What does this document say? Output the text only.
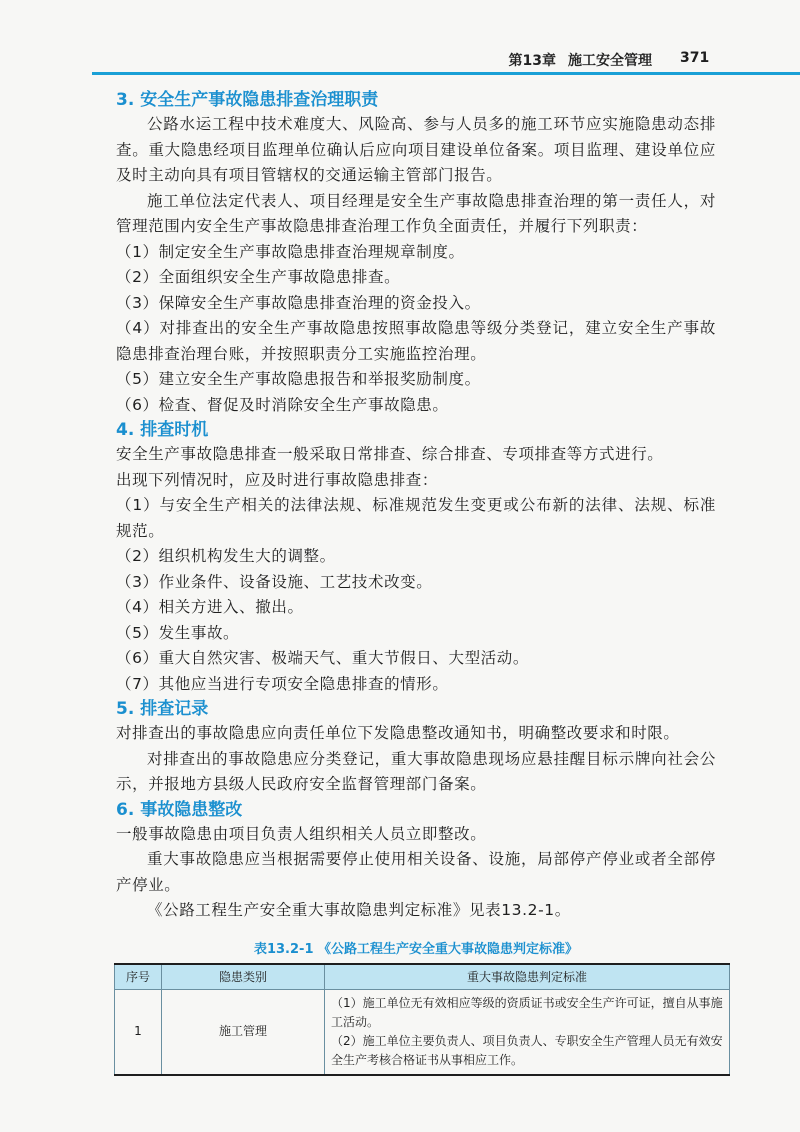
第13章 施工安全管理 371
3. 安全生产事故隐患排查治理职责

公路水运工程中技术难度大、风险高、参与人员多的施工环节应实施隐患动态排查。重大隐患经项目监理单位确认后应向项目建设单位备案。项目监理、建设单位应及时主动向具有项目管辖权的交通运输主管部门报告。

施工单位法定代表人、项目经理是安全生产事故隐患排查治理的第一责任人，对管理范围内安全生产事故隐患排查治理工作负全面责任，并履行下列职责：

（1）制定安全生产事故隐患排查治理规章制度。

（2）全面组织安全生产事故隐患排查。

（3）保障安全生产事故隐患排查治理的资金投入。

（4）对排查出的安全生产事故隐患按照事故隐患等级分类登记，建立安全生产事故隐患排查治理台账，并按照职责分工实施监控治理。

（5）建立安全生产事故隐患报告和举报奖励制度。

（6）检查、督促及时消除安全生产事故隐患。

4. 排查时机

安全生产事故隐患排查一般采取日常排查、综合排查、专项排查等方式进行。

出现下列情况时，应及时进行事故隐患排查：

（1）与安全生产相关的法律法规、标准规范发生变更或公布新的法律、法规、标准规范。

（2）组织机构发生大的调整。

（3）作业条件、设备设施、工艺技术改变。

（4）相关方进入、撤出。

（5）发生事故。

（6）重大自然灾害、极端天气、重大节假日、大型活动。

（7）其他应当进行专项安全隐患排查的情形。

5. 排查记录

对排查出的事故隐患应向责任单位下发隐患整改通知书，明确整改要求和时限。

对排查出的事故隐患应分类登记，重大事故隐患现场应悬挂醒目标示牌向社会公示，并报地方县级人民政府安全监督管理部门备案。

6. 事故隐患整改

一般事故隐患由项目负责人组织相关人员立即整改。

重大事故隐患应当根据需要停止使用相关设备、设施，局部停产停业或者全部停产停业。

《公路工程生产安全重大事故隐患判定标准》见表13.2-1。

表13.2-1 《公路工程生产安全重大事故隐患判定标准》
序号	隐患类别	重大事故隐患判定标准
1	施工管理	（1）施工单位无有效相应等级的资质证书或安全生产许可证，擅自从事施工活动。
（2）施工单位主要负责人、项目负责人、专职安全生产管理人员无有效安全生产考核合格证书从事相应工作。
